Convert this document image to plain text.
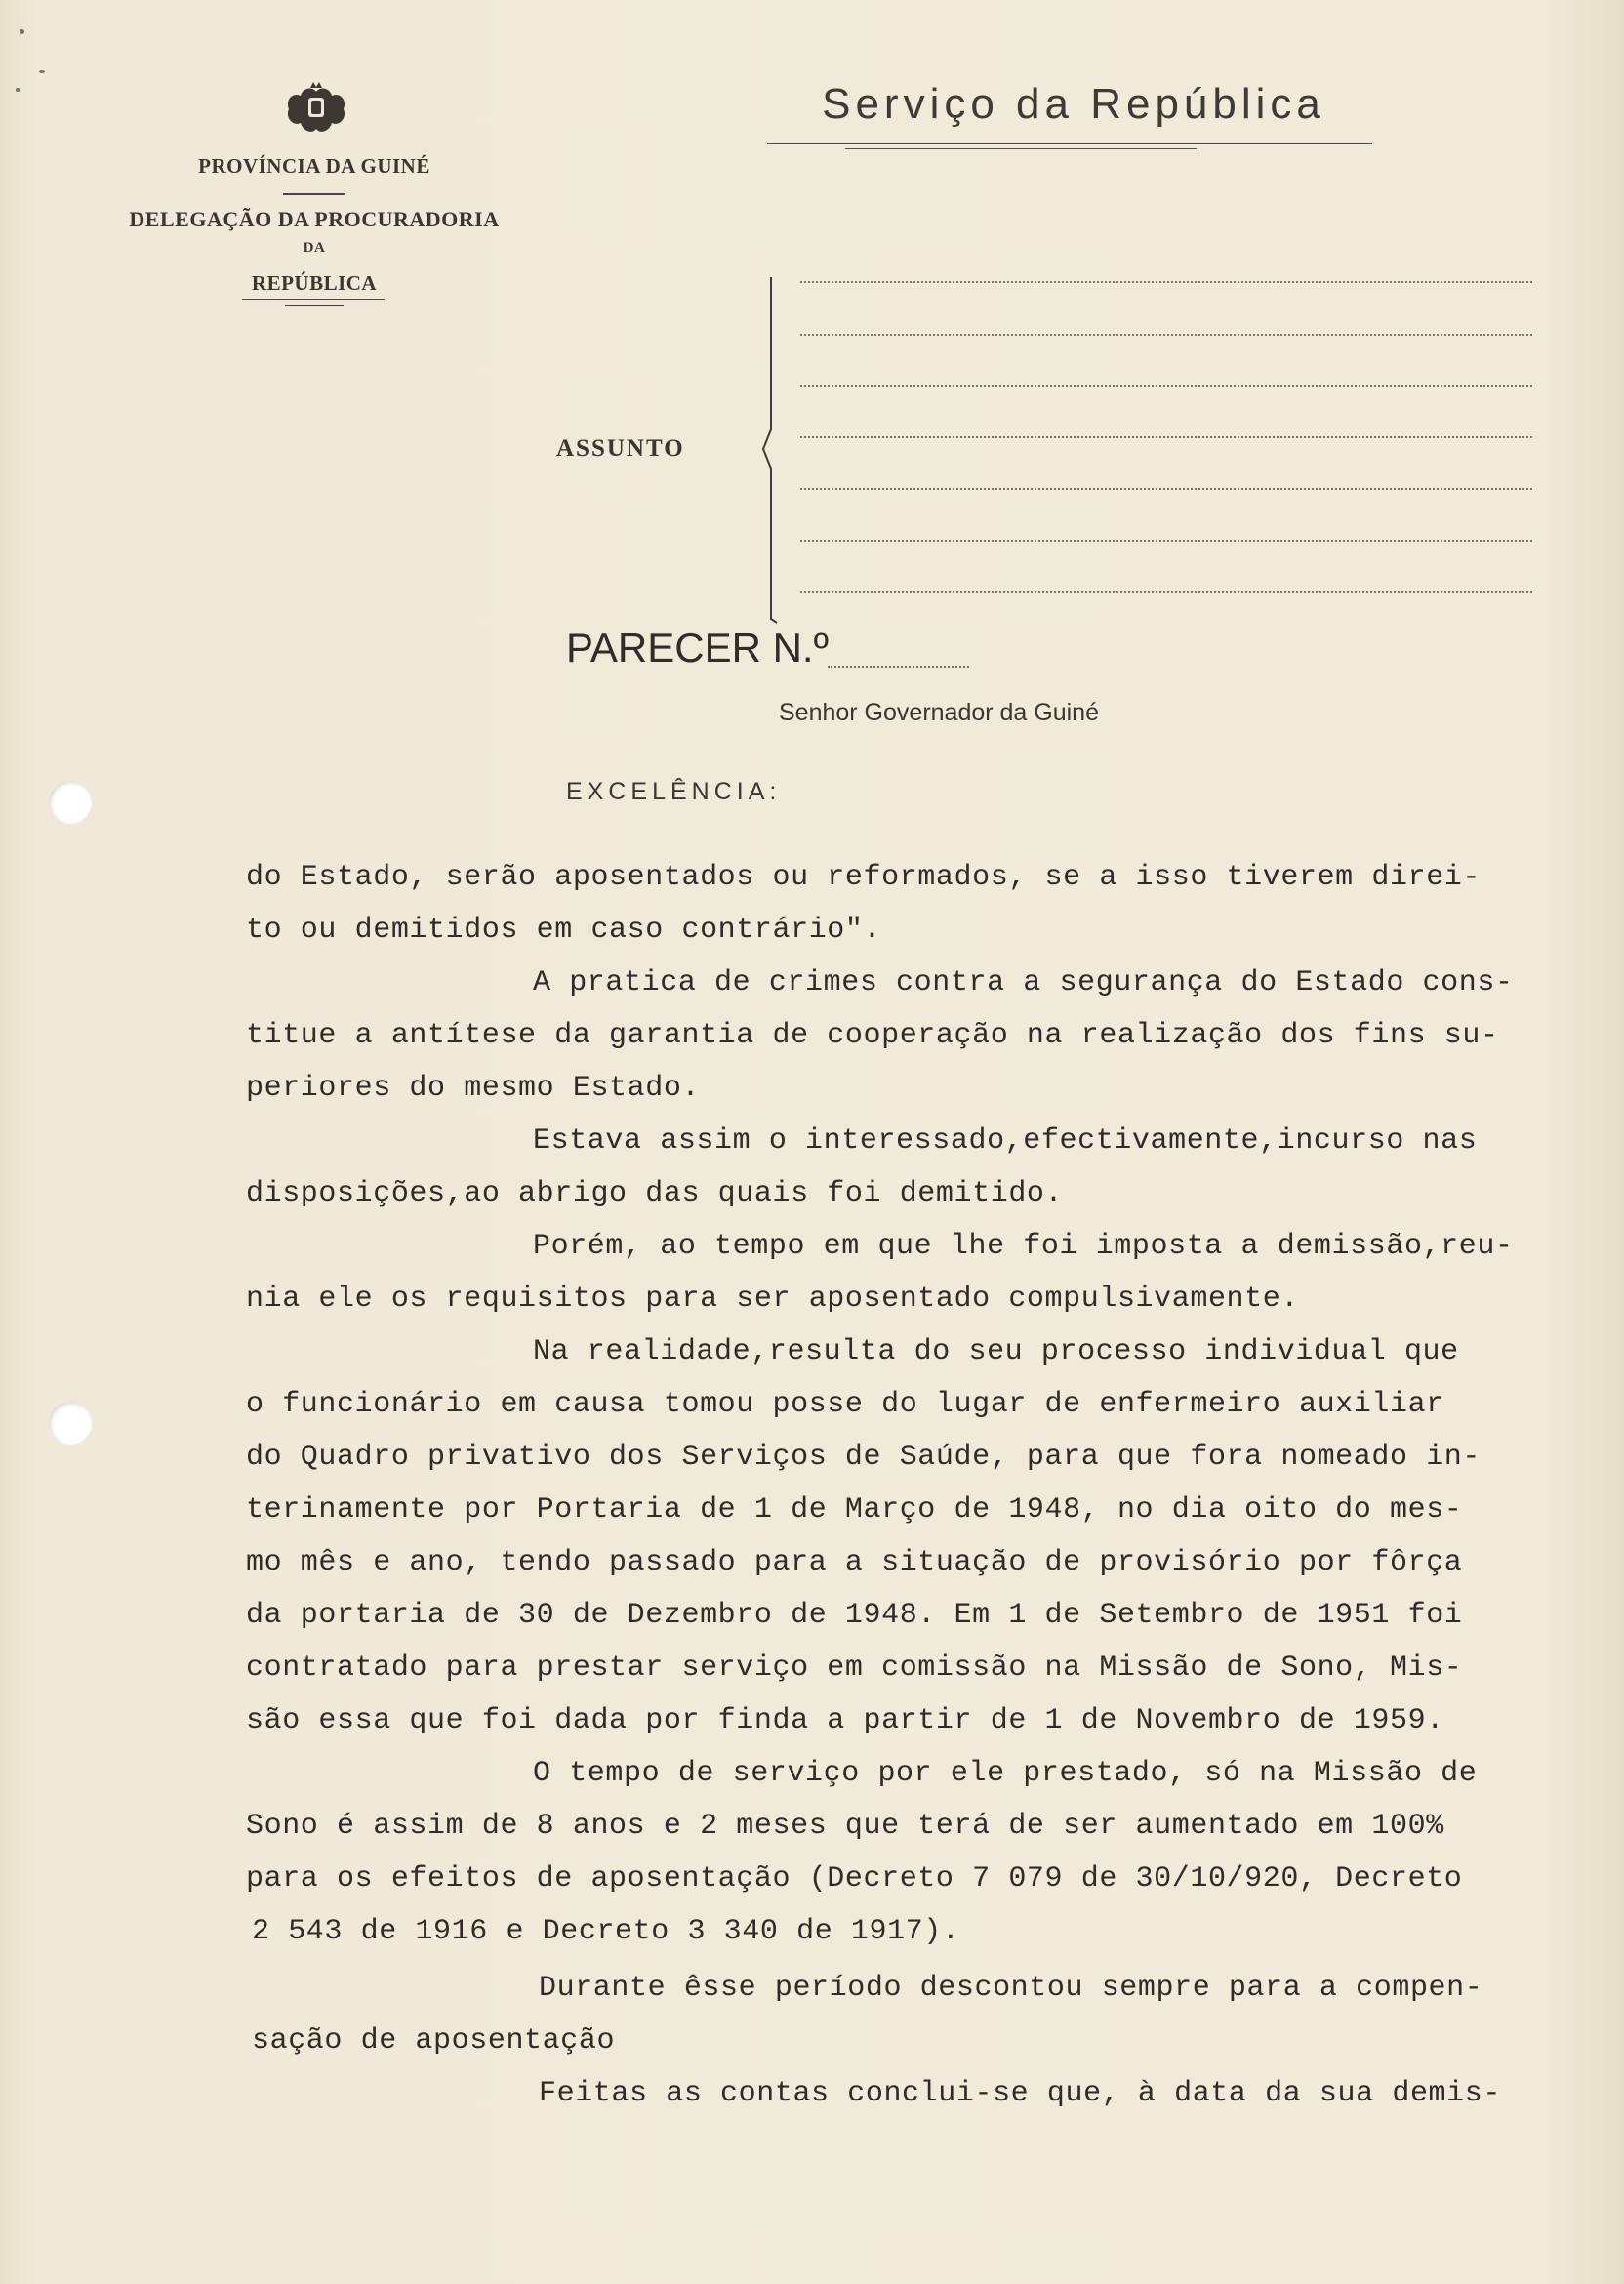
PROVÍNCIA DA GUINÉ
DELEGAÇÃO DA PROCURADORIA
DA
REPÚBLICA
Serviço da República
ASSUNTO
PARECER N.º
Senhor Governador da Guiné
EXCELÊNCIA:
do Estado, serão aposentados ou reformados, se a isso tiverem direi-
to ou demitidos em caso contrário".
A pratica de crimes contra a segurança do Estado cons-
titue a antítese da garantia de cooperação na realização dos fins su-
periores do mesmo Estado.
Estava assim o interessado,efectivamente,incurso nas
disposições,ao abrigo das quais foi demitido.
Porém, ao tempo em que lhe foi imposta a demissão,reu-
nia ele os requisitos para ser aposentado compulsivamente.
Na realidade,resulta do seu processo individual que
o funcionário em causa tomou posse do lugar de enfermeiro auxiliar
do Quadro privativo dos Serviços de Saúde, para que fora nomeado in-
terinamente por Portaria de 1 de Março de 1948, no dia oito do mes-
mo mês e ano, tendo passado para a situação de provisório por fôrça
da portaria de 30 de Dezembro de 1948. Em 1 de Setembro de 1951 foi
contratado para prestar serviço em comissão na Missão de Sono, Mis-
são essa que foi dada por finda a partir de 1 de Novembro de 1959.
O tempo de serviço por ele prestado, só na Missão de
Sono é assim de 8 anos e 2 meses que terá de ser aumentado em 100%
para os efeitos de aposentação (Decreto 7 079 de 30/10/920, Decreto
2 543 de 1916 e Decreto 3 340 de 1917).
Durante êsse período descontou sempre para a compen-
sação de aposentação
Feitas as contas conclui-se que, à data da sua demis-
